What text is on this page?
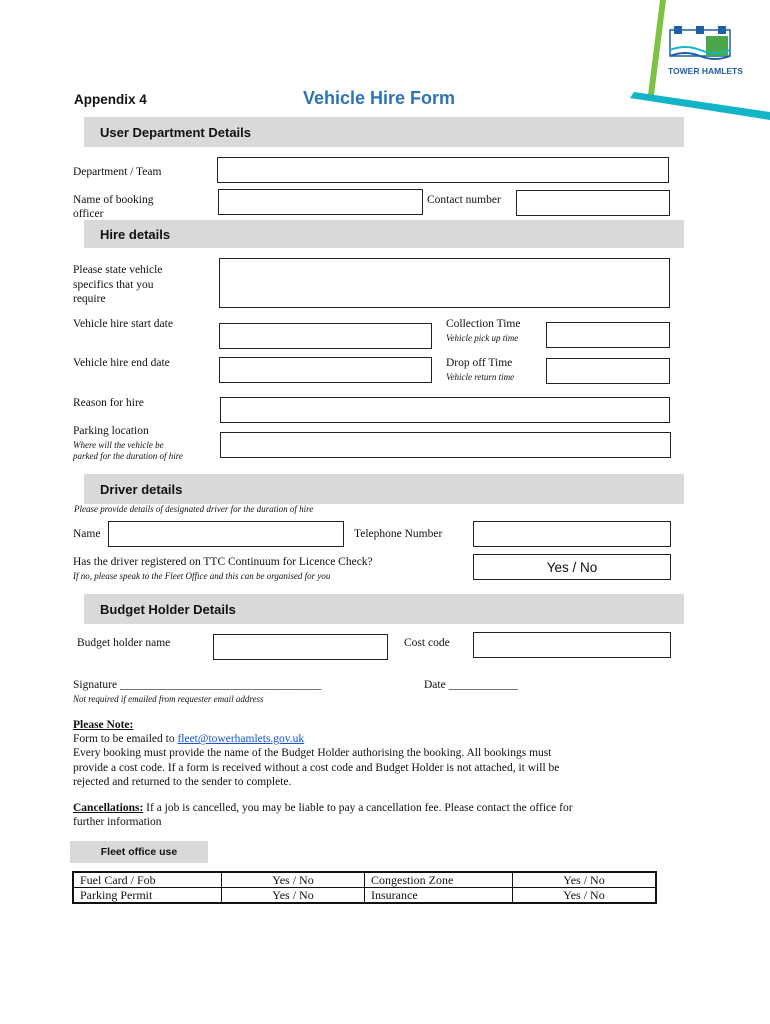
TOWER HAMLETS
Appendix 4	Vehicle Hire Form
User Department Details
Department / Team
Name of booking
officer
Contact number
Hire details
Please state vehicle
specifics that you
require
Vehicle hire start date	Collection Time
Vehicle pick up time
Vehicle hire end date	Drop off Time
Vehicle return time
Reason for hire
Parking location
Where will the vehicle be
parked for the duration of hire
Driver details
Please provide details of designated driver for the duration of hire
Name	Telephone Number
Has the driver registered on TTC Continuum for Licence Check?
If no, please speak to the Fleet Office and this can be organised for you
Yes / No
Budget Holder Details
Budget holder name	Cost code
Signature ___________________________________	Date ____________
Not required if emailed from requester email address
Please Note:
Form to be emailed to fleet@towerhamlets.gov.uk
Every booking must provide the name of the Budget Holder authorising the booking. All bookings must
provide a cost code. If a form is received without a cost code and Budget Holder is not attached, it will be
rejected and returned to the sender to complete.
Cancellations: If a job is cancelled, you may be liable to pay a cancellation fee. Please contact the office for
further information
Fleet office use
Fuel Card / Fob	Yes / No	Congestion Zone	Yes / No
Parking Permit	Yes / No	Insurance	Yes / No
